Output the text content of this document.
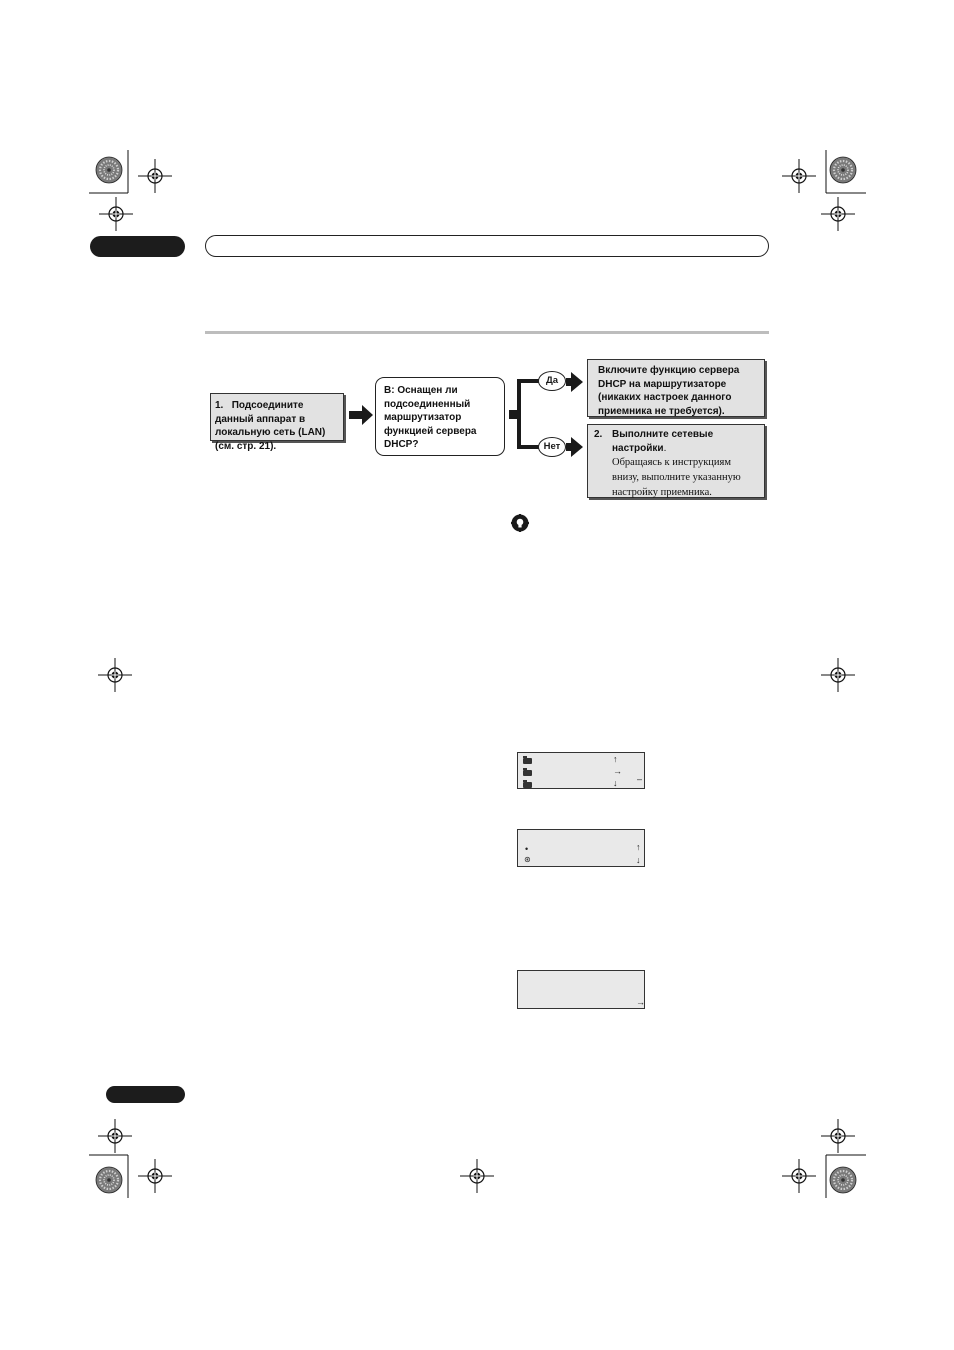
1. Подсоедините данный аппарат в локальную сеть (LAN) (см. стр. 21).
В: Оснащен ли подсоединенный маршрутизатор функцией сервера DHCP?
Да
Нет
Включите функцию сервера DHCP на маршрутизаторе (никаких настроек данного приемника не требуется).
2. Выполните сетевые настройки.
Обращаясь к инструкциям внизу, выполните указанную настройку приемника.
↑
→
↓ –
•
⊛
↑
↓
→
